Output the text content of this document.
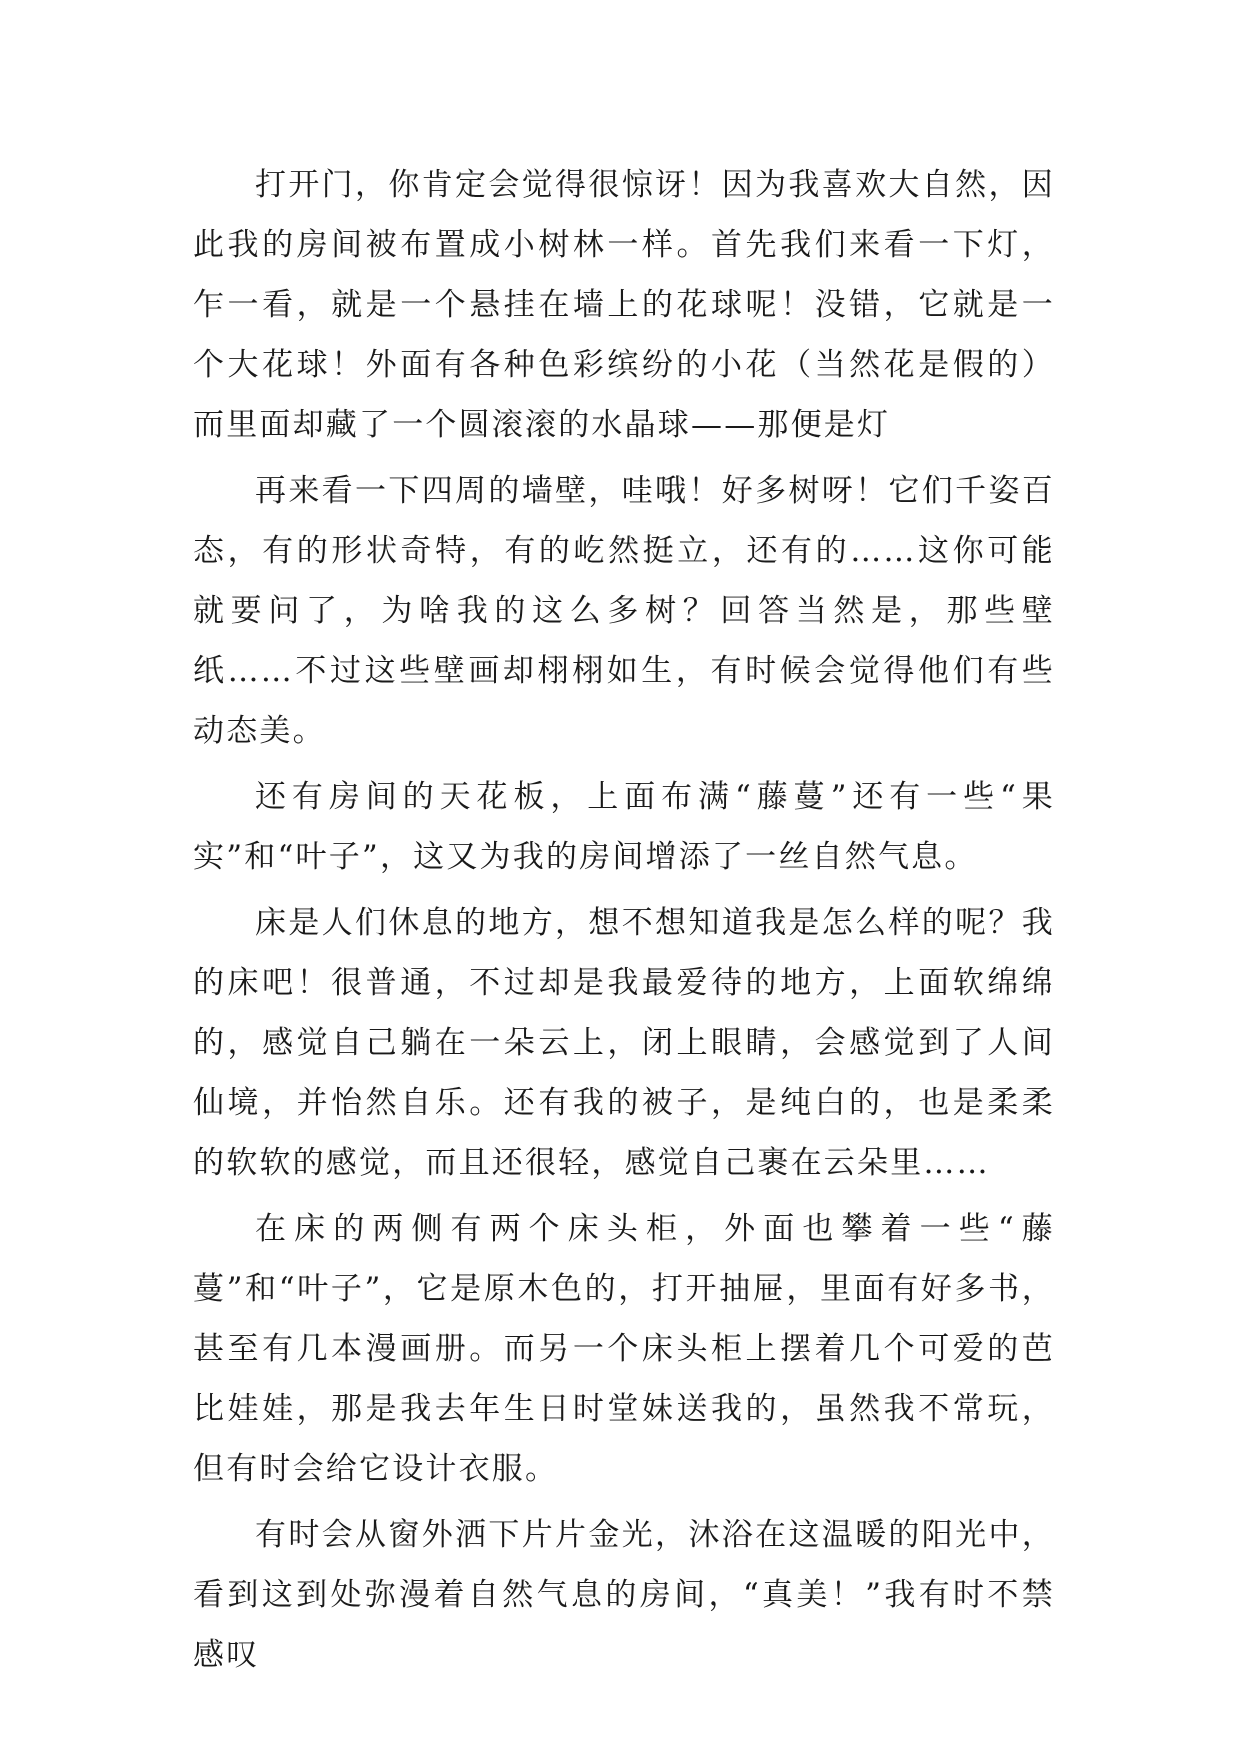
打开门，你肯定会觉得很惊讶！因为我喜欢大自然，因此我的房间被布置成小树林一样。首先我们来看一下灯，乍一看，就是一个悬挂在墙上的花球呢！没错，它就是一个大花球！外面有各种色彩缤纷的小花（当然花是假的）而里面却藏了一个圆滚滚的水晶球——那便是灯

再来看一下四周的墙壁，哇哦！好多树呀！它们千姿百态，有的形状奇特，有的屹然挺立，还有的……这你可能就要问了，为啥我的这么多树？回答当然是，那些壁纸……不过这些壁画却栩栩如生，有时候会觉得他们有些动态美。

还有房间的天花板，上面布满“藤蔓”还有一些“果实”和“叶子”，这又为我的房间增添了一丝自然气息。

床是人们休息的地方，想不想知道我是怎么样的呢？我的床吧！很普通，不过却是我最爱待的地方，上面软绵绵的，感觉自己躺在一朵云上，闭上眼睛，会感觉到了人间仙境，并怡然自乐。还有我的被子，是纯白的，也是柔柔的软软的感觉，而且还很轻，感觉自己裹在云朵里……

在床的两侧有两个床头柜，外面也攀着一些“藤蔓”和“叶子”，它是原木色的，打开抽屉，里面有好多书，甚至有几本漫画册。而另一个床头柜上摆着几个可爱的芭比娃娃，那是我去年生日时堂妹送我的，虽然我不常玩，但有时会给它设计衣服。

有时会从窗外洒下片片金光，沐浴在这温暖的阳光中，看到这到处弥漫着自然气息的房间，“真美！”我有时不禁感叹
